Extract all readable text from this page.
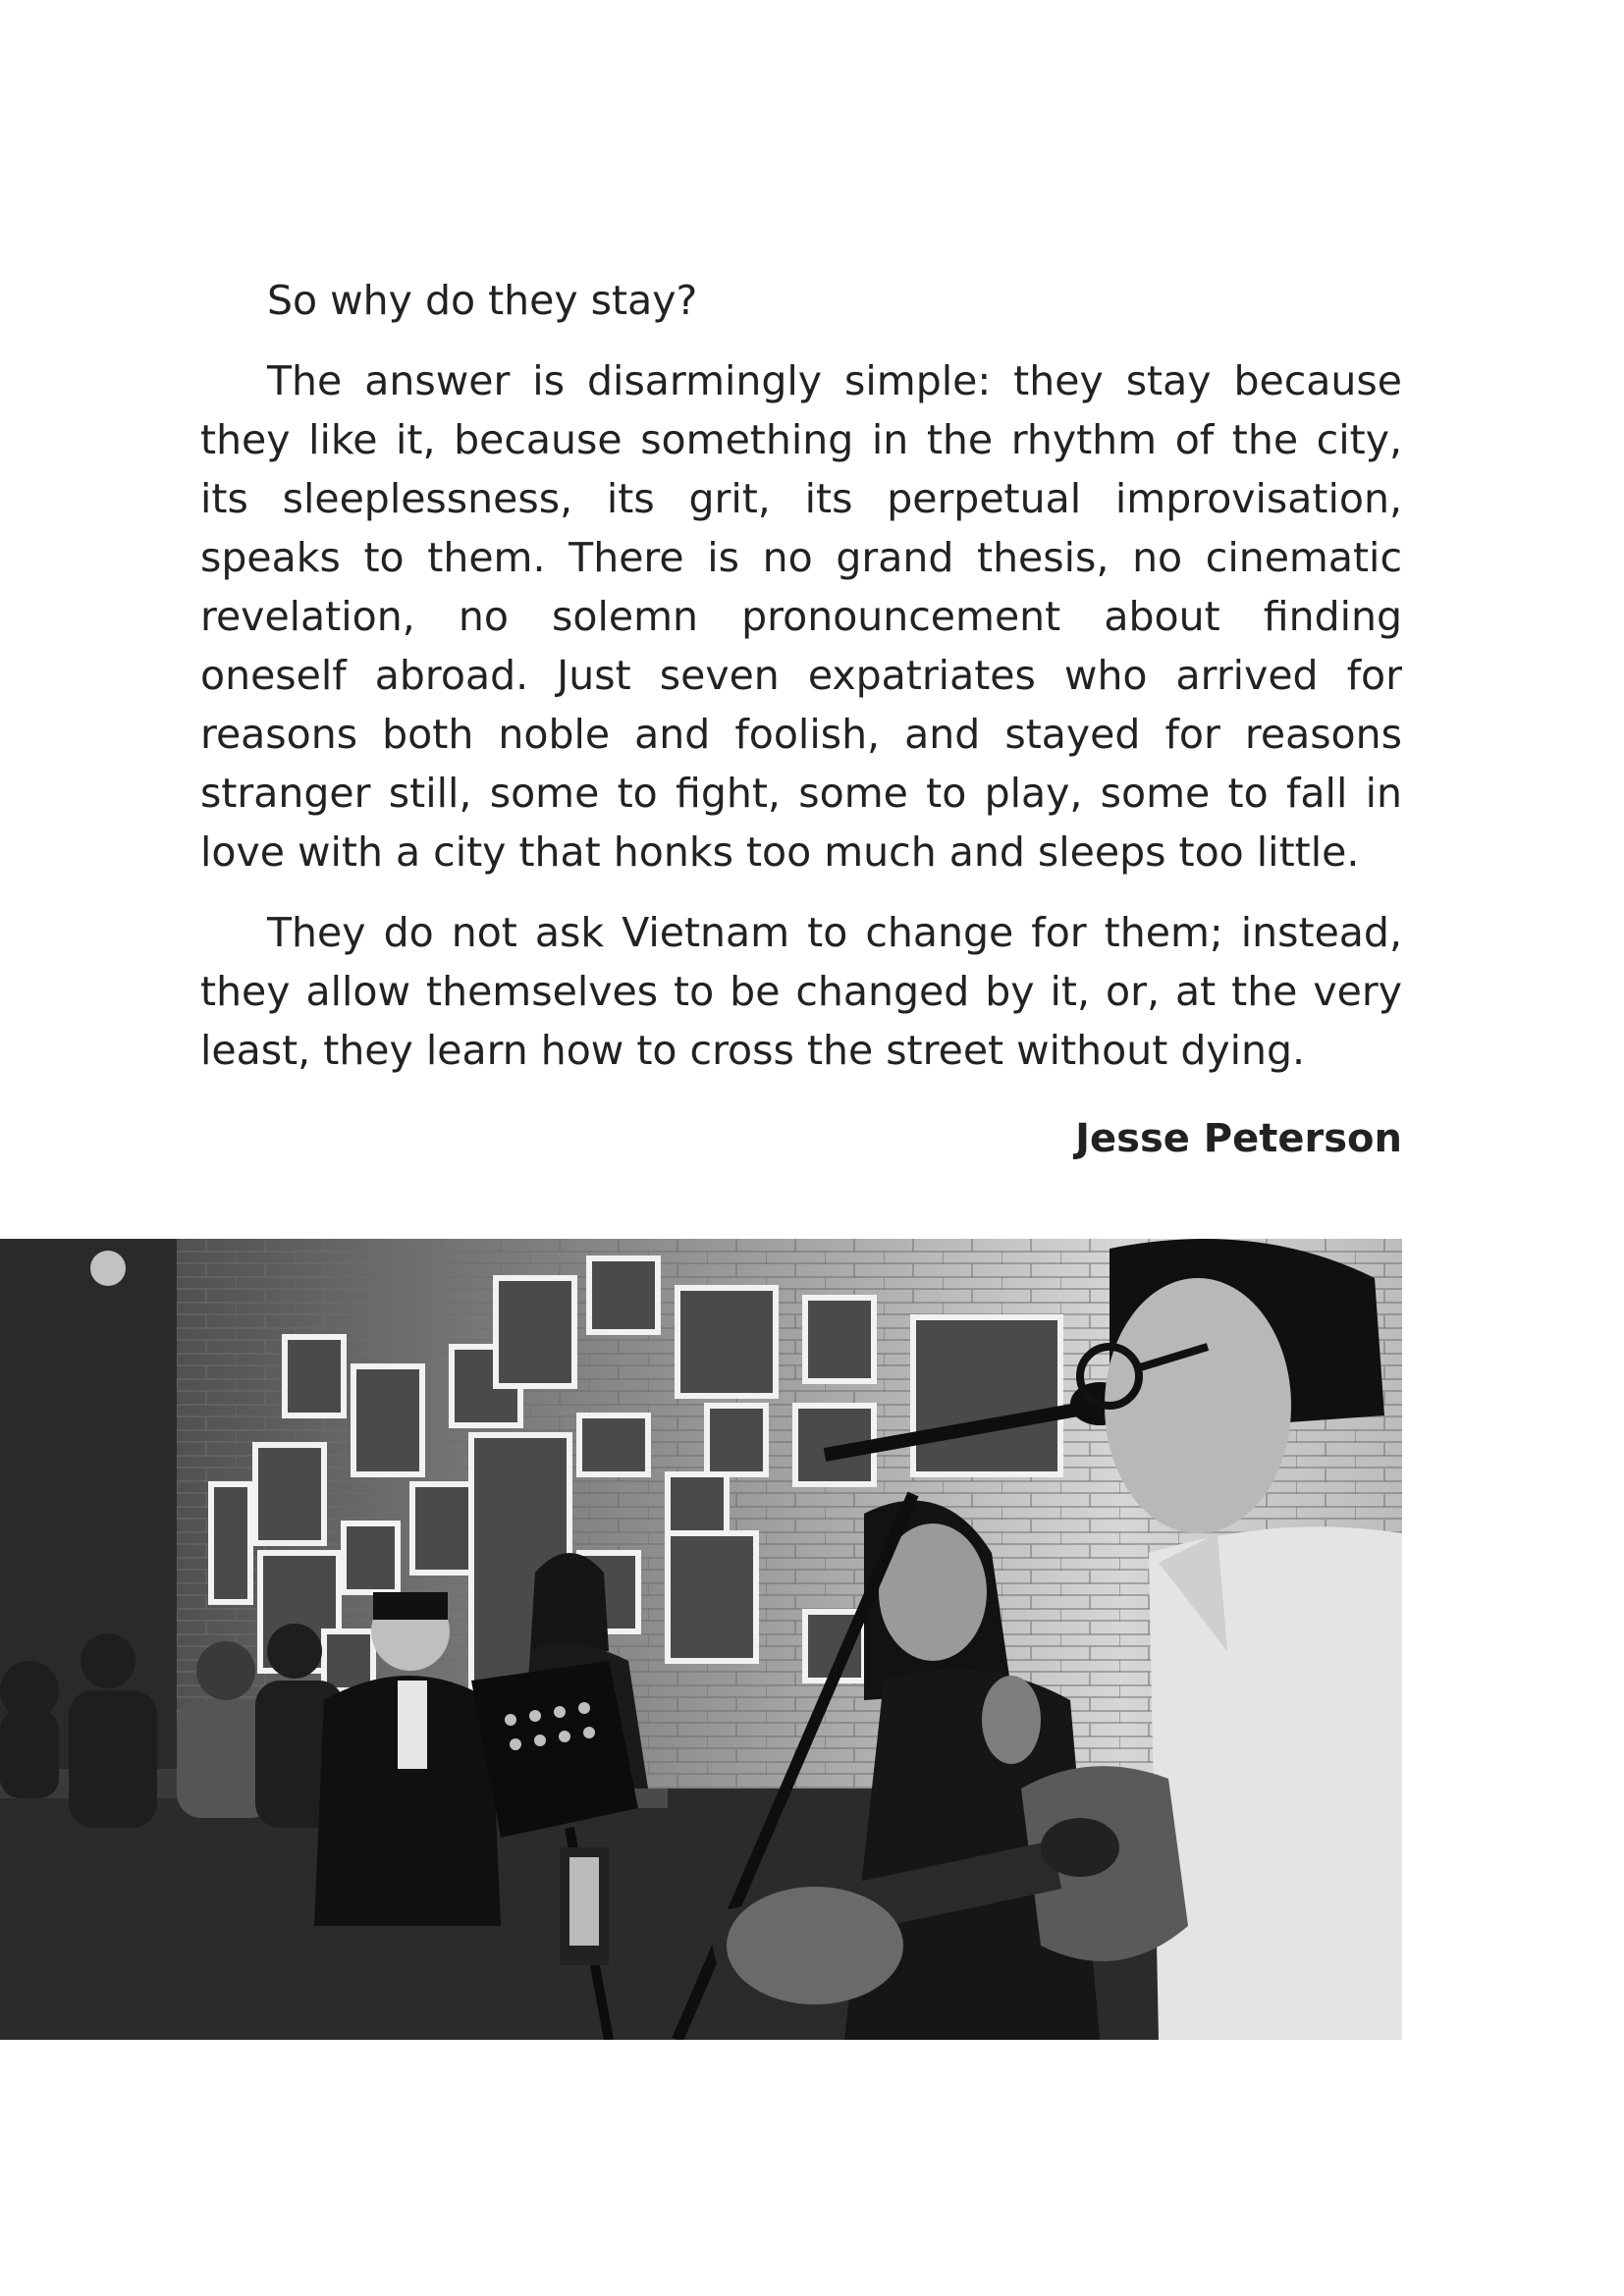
So why do they stay?

The answer is disarmingly simple: they stay because they like it, because something in the rhythm of the city, its sleeplessness, its grit, its perpetual improvisation, speaks to them. There is no grand thesis, no cinematic revelation, no solemn pronouncement about finding oneself abroad. Just seven expatriates who arrived for reasons both noble and foolish, and stayed for reasons stranger still, some to fight, some to play, some to fall in love with a city that honks too much and sleeps too little.

They do not ask Vietnam to change for them; instead, they allow themselves to be changed by it, or, at the very least, they learn how to cross the street without dying.

Jesse Peterson
